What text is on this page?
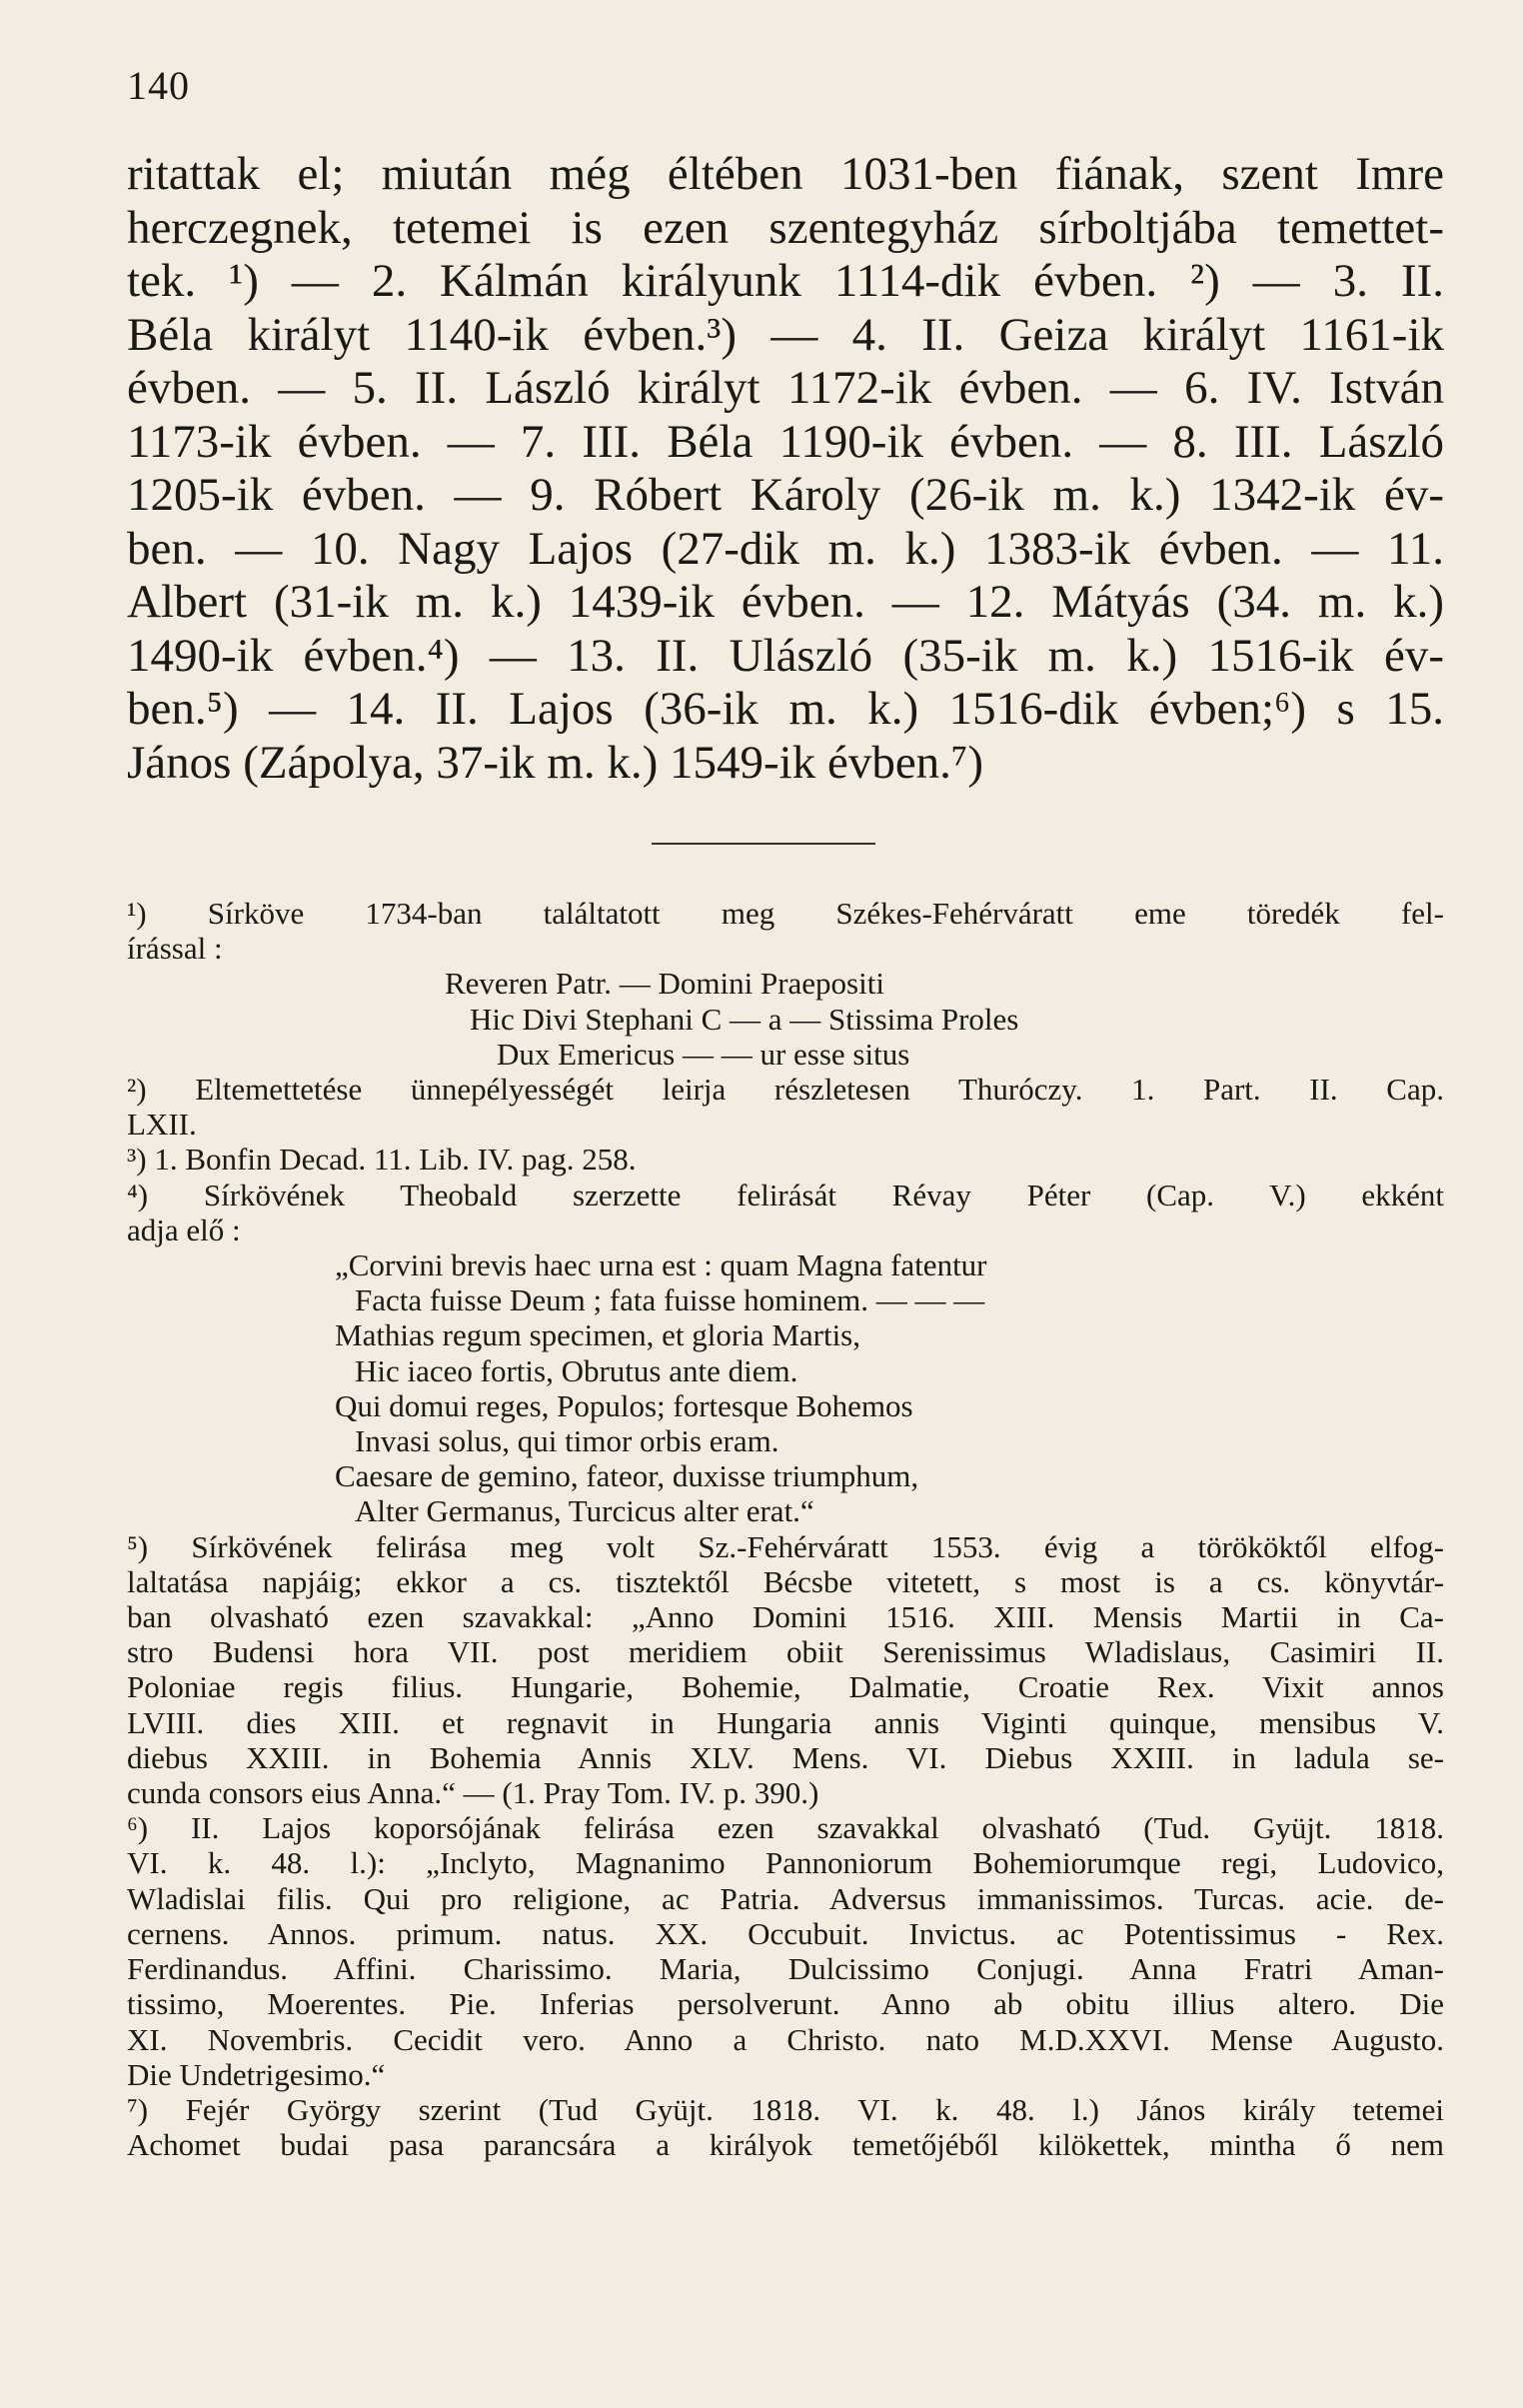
140
ritattak el; miután még éltében 1031-ben fiának, szent Imre
herczegnek, tetemei is ezen szentegyház sírboltjába temettet-
tek. ¹) — 2. Kálmán királyunk 1114-dik évben. ²) — 3. II.
Béla királyt 1140-ik évben.³) — 4. II. Geiza királyt 1161-ik
évben. — 5. II. László királyt 1172-ik évben. — 6. IV. István
1173-ik évben. — 7. III. Béla 1190-ik évben. — 8. III. László
1205-ik évben. — 9. Róbert Károly (26-ik m. k.) 1342-ik év-
ben. — 10. Nagy Lajos (27-dik m. k.) 1383-ik évben. — 11.
Albert (31-ik m. k.) 1439-ik évben. — 12. Mátyás (34. m. k.)
1490-ik évben.⁴) — 13. II. Ulászló (35-ik m. k.) 1516-ik év-
ben.⁵) — 14. II. Lajos (36-ik m. k.) 1516-dik évben;⁶) s 15.
János (Zápolya, 37-ik m. k.) 1549-ik évben.⁷)
¹) Sírköve 1734-ban találtatott meg Székes-Fehérváratt eme töredék fel-
írással :
Reveren Patr. — Domini Praepositi
Hic Divi Stephani C — a — Stissima Proles
Dux Emericus — — ur esse situs
²) Eltemettetése ünnepélyességét leirja részletesen Thuróczy. 1. Part. II. Cap.
LXII.
³) 1. Bonfin Decad. 11. Lib. IV. pag. 258.
⁴) Sírkövének Theobald szerzette felirását Révay Péter (Cap. V.) ekként
adja elő :
„Corvini brevis haec urna est : quam Magna fatentur
Facta fuisse Deum ; fata fuisse hominem. — — —
Mathias regum specimen, et gloria Martis,
Hic iaceo fortis, Obrutus ante diem.
Qui domui reges, Populos; fortesque Bohemos
Invasi solus, qui timor orbis eram.
Caesare de gemino, fateor, duxisse triumphum,
Alter Germanus, Turcicus alter erat.“
⁵) Sírkövének felirása meg volt Sz.-Fehérváratt 1553. évig a törököktől elfog-
laltatása napjáig; ekkor a cs. tisztektől Bécsbe vitetett, s most is a cs. könyvtár-
ban olvasható ezen szavakkal: „Anno Domini 1516. XIII. Mensis Martii in Ca-
stro Budensi hora VII. post meridiem obiit Serenissimus Wladislaus, Casimiri II.
Poloniae regis filius. Hungarie, Bohemie, Dalmatie, Croatie Rex. Vixit annos
LVIII. dies XIII. et regnavit in Hungaria annis Viginti quinque, mensibus V.
diebus XXIII. in Bohemia Annis XLV. Mens. VI. Diebus XXIII. in ladula se-
cunda consors eius Anna.“ — (1. Pray Tom. IV. p. 390.)
⁶) II. Lajos koporsójának felirása ezen szavakkal olvasható (Tud. Gyüjt. 1818.
VI. k. 48. l.): „Inclyto, Magnanimo Pannoniorum Bohemiorumque regi, Ludovico,
Wladislai filis. Qui pro religione, ac Patria. Adversus immanissimos. Turcas. acie. de-
cernens. Annos. primum. natus. XX. Occubuit. Invictus. ac Potentissimus - Rex.
Ferdinandus. Affini. Charissimo. Maria, Dulcissimo Conjugi. Anna Fratri Aman-
tissimo, Moerentes. Pie. Inferias persolverunt. Anno ab obitu illius altero. Die
XI. Novembris. Cecidit vero. Anno a Christo. nato M.D.XXVI. Mense Augusto.
Die Undetrigesimo.“
⁷) Fejér György szerint (Tud Gyüjt. 1818. VI. k. 48. l.) János király tetemei
Achomet budai pasa parancsára a királyok temetőjéből kilökettek, mintha ő nem
